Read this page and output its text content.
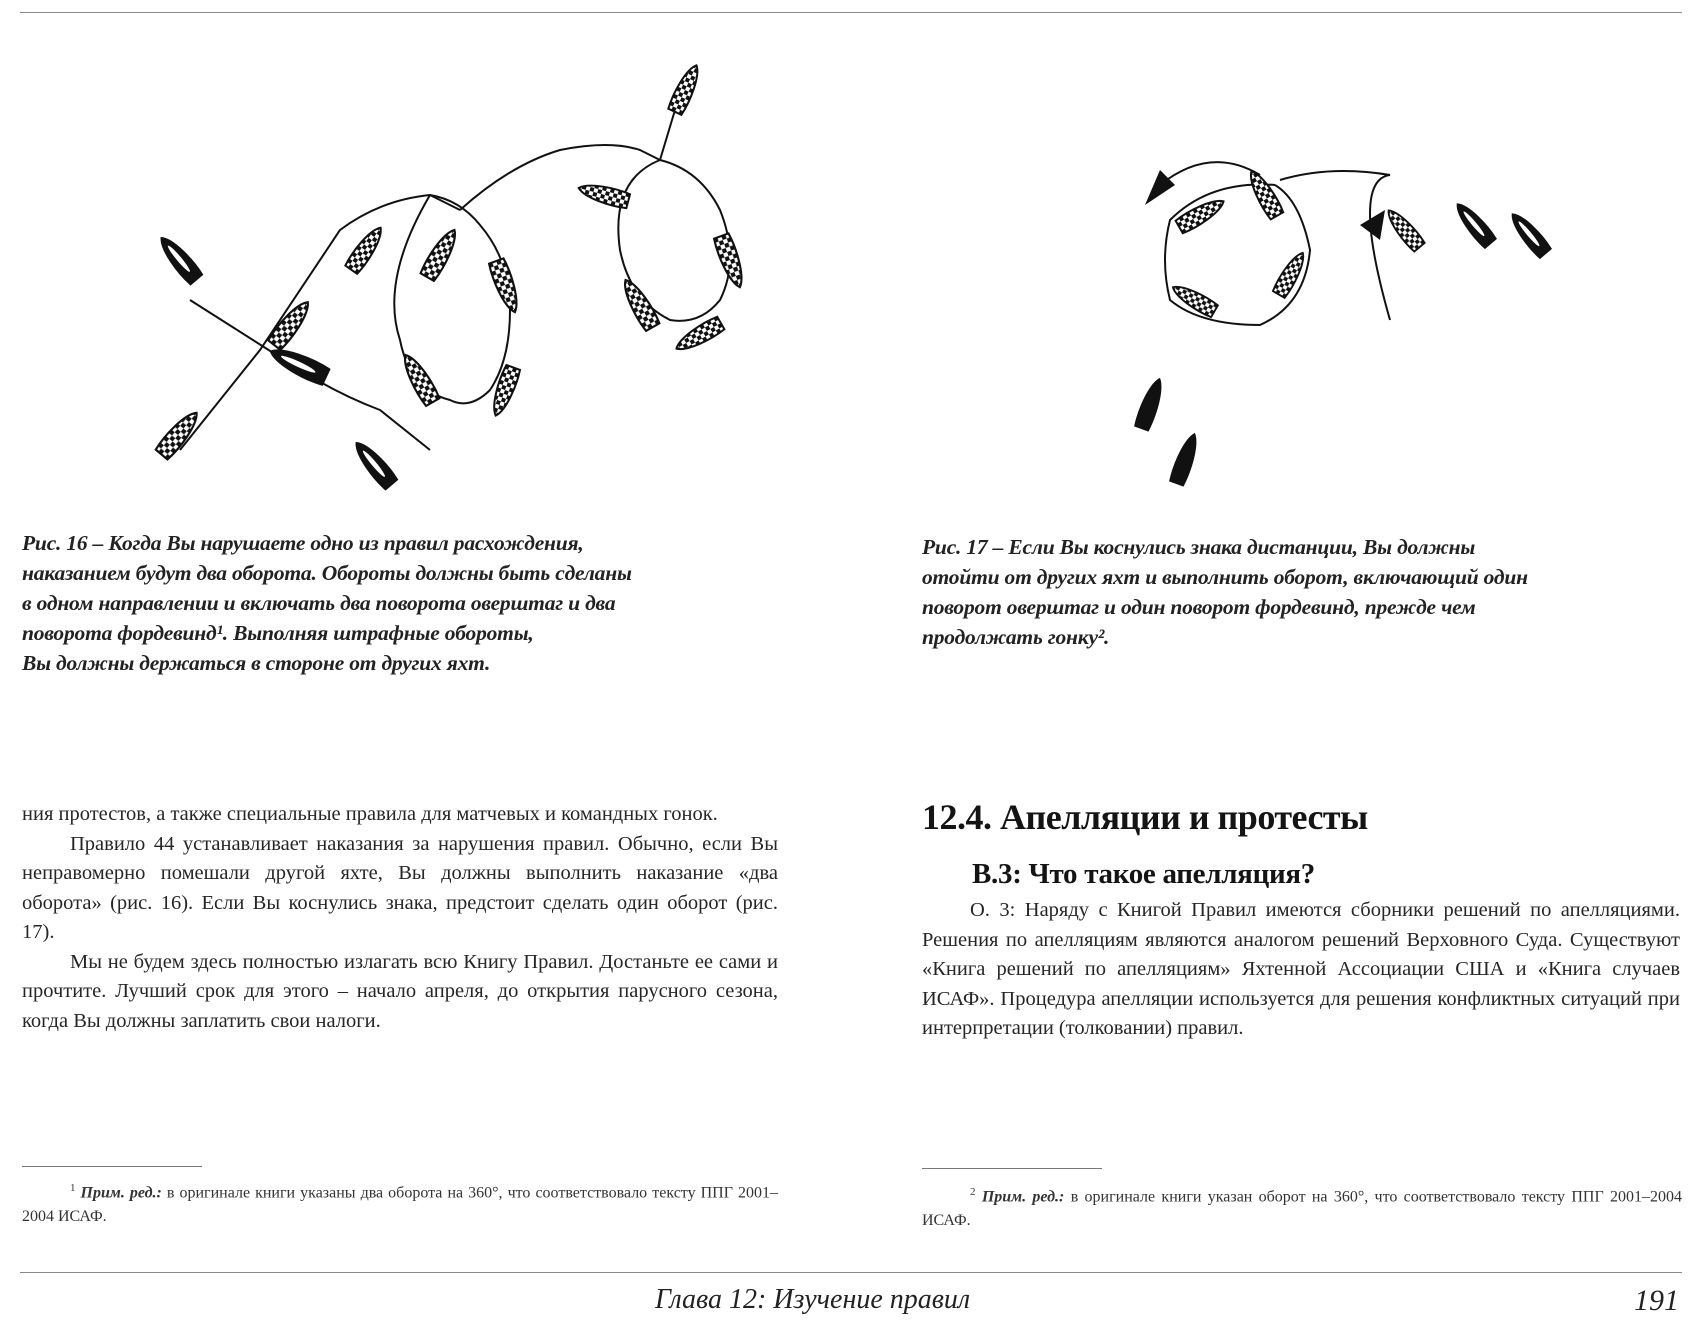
Рис. 16 – Когда Вы нарушаете одно из правил расхождения,

наказанием будут два оборота. Обороты должны быть сделаны

в одном направлении и включать два поворота оверштаг и два

поворота фордевинд¹. Выполняя штрафные обороты,

Вы должны держаться в стороне от других яхт.

Рис. 17 – Если Вы коснулись знака дистанции, Вы должны

отойти от других яхт и выполнить оборот, включающий один

поворот оверштаг и один поворот фордевинд, прежде чем

продолжать гонку².

ния протестов, а также специальные правила для матчевых и командных гонок.

Правило 44 устанавливает наказания за нарушения правил. Обычно, если Вы неправомерно помешали другой яхте, Вы должны выполнить наказание «два оборота» (рис. 16). Если Вы коснулись знака, предстоит сделать один оборот (рис. 17).

Мы не будем здесь полностью излагать всю Книгу Правил. Достаньте ее сами и прочтите. Лучший срок для этого – начало апреля, до открытия парусного сезона, когда Вы должны заплатить свои налоги.

12.4. Апелляции и протесты
В.3: Что такое апелляция?

О. 3: Наряду с Книгой Правил имеются сборники решений по апелляциями. Решения по апелляциям являются аналогом решений Верховного Суда. Существуют «Книга решений по апелляциям» Яхтенной Ассоциации США и «Книга случаев ИСАФ». Процедура апелляции используется для решения конфликтных ситуаций при интерпретации (толковании) правил.

$^1$ Прим. ред.: в оригинале книги указаны два оборота на 360°, что соответствовало тексту ППГ 2001–2004 ИСАФ.
$^2$ Прим. ред.: в оригинале книги указан оборот на 360°, что соответствовало тексту ППГ 2001–2004 ИСАФ.
Глава 12: Изучение правил	191
